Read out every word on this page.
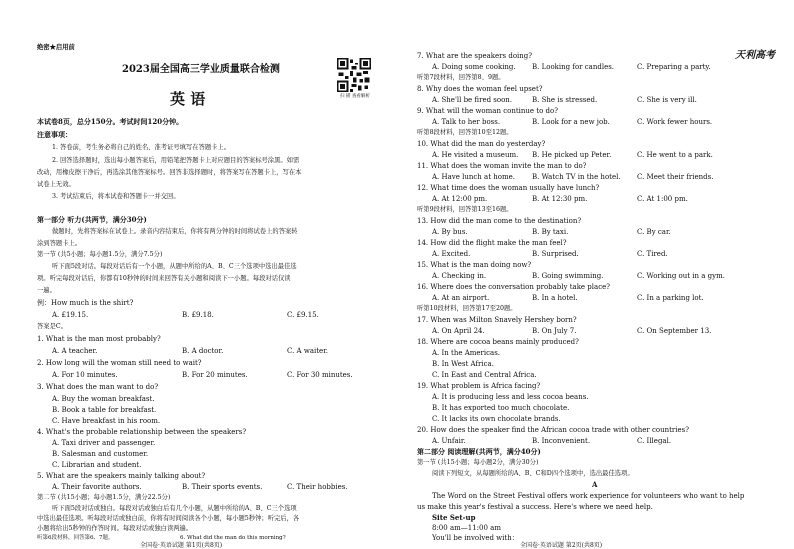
绝密★启用前
2023届全国高三学业质量联合检测
英 语	扫 描 查看解析
本试卷8页，总分150分。考试时间120分钟。
注意事项：
1. 答卷前，考生务必将自己的姓名、准考证号填写在答题卡上。
2. 回答选择题时，选出每小题答案后，用铅笔把答题卡上对应题目的答案标号涂黑。如需
改动，用橡皮擦干净后，再选涂其他答案标号。回答非选择题时，将答案写在答题卡上，写在本
试卷上无效。
3. 考试结束后，将本试卷和答题卡一并交回。
第一部分 听力(共两节，满分30分)
做题时，先将答案标在试卷上。录音内容结束后，你将有两分钟的时间将试卷上的答案转
涂到答题卡上。
第一节 (共5小题；每小题1.5分，满分7.5分)
听下面5段对话。每段对话后有一个小题，从题中所给的A、B、C三个选项中选出最佳选
项。听完每段对话后，你都有10秒钟的时间来回答有关小题和阅读下一小题。每段对话仅读
一遍。
例：How much is the shirt?
A. £19.15.	B. £9.18.	C. £9.15.
答案是C。
1. What is the man most probably?
A. A teacher.	B. A doctor.	C. A waiter.
2. How long will the woman still need to wait?
A. For 10 minutes.	B. For 20 minutes.	C. For 30 minutes.
3. What does the man want to do?
A. Buy the woman breakfast.
B. Book a table for breakfast.
C. Have breakfast in his room.
4. What's the probable relationship between the speakers?
A. Taxi driver and passenger.
B. Salesman and customer.
C. Librarian and student.
5. What are the speakers mainly talking about?
A. Their favorite authors.	B. Their sports events.	C. Their hobbies.
第二节 (共15小题；每小题1.5分，满分22.5分)
听下面5段对话或独白。每段对话或独白后有几个小题，从题中所给的A、B、C三个选项
中选出最佳选项。听每段对话或独白前，你将有时间阅读各个小题，每小题5秒钟；听完后，各
小题将给出5秒钟的作答时间。每段对话或独白读两遍。
听第6段材料，回答第6、7题。	6. What did the man do this morning?
7. What are the speakers doing?
A. Doing some cooking. B. Looking for candles.	C. Preparing a party.
听第7段材料，回答第8、9题。
8. Why does the woman feel upset?
A. She'll be fired soon.	B. She is stressed.	C. She is very ill.
9. What will the woman continue to do?
A. Talk to her boss.	B. Look for a new job.	C. Work fewer hours.
听第8段材料，回答第10至12题。
10. What did the man do yesterday?
A. He visited a museum. B. He picked up Peter.	C. He went to a park.
11. What does the woman invite the man to do?
A. Have lunch at home. B. Watch TV in the hotel. C. Meet their friends.
12. What time does the woman usually have lunch?
A. At 12:00 pm.	B. At 12:30 pm.	C. At 1:00 pm.
听第9段材料，回答第13至16题。
13. How did the man come to the destination?
A. By bus.	B. By taxi.	C. By car.
14. How did the flight make the man feel?
A. Excited.	B. Surprised.	C. Tired.
15. What is the man doing now?
A. Checking in.	B. Going swimming.	C. Working out in a gym.
16. Where does the conversation probably take place?
A. At an airport.	B. In a hotel.	C. In a parking lot.
听第10段材料，回答第17至20题。
17. When was Milton Snavely Hershey born?
A. On April 24.	B. On July 7.	C. On September 13.
18. Where are cocoa beans mainly produced?
A. In the Americas.
B. In West Africa.
C. In East and Central Africa.
19. What problem is Africa facing?
A. It is producing less and less cocoa beans.
B. It has exported too much chocolate.
C. It lacks its own chocolate brands.
20. How does the speaker find the African cocoa trade with other countries?
A. Unfair.	B. Inconvenient.	C. Illegal.
第二部分 阅读理解(共两节，满分40分)
第一节 (共15小题；每小题2分，满分30分)
阅读下列短文，从每题所给的A、B、C和D四个选项中，选出最佳选项。
A
The Word on the Street Festival offers work experience for volunteers who want to help
us make this year's festival a success. Here's where we need help.
Site Set-up
8:00 am—11:00 am
You'll be involved with：
天利高考
全国卷·英语试题 第1页(共8页)	全国卷·英语试题 第2页(共8页)
